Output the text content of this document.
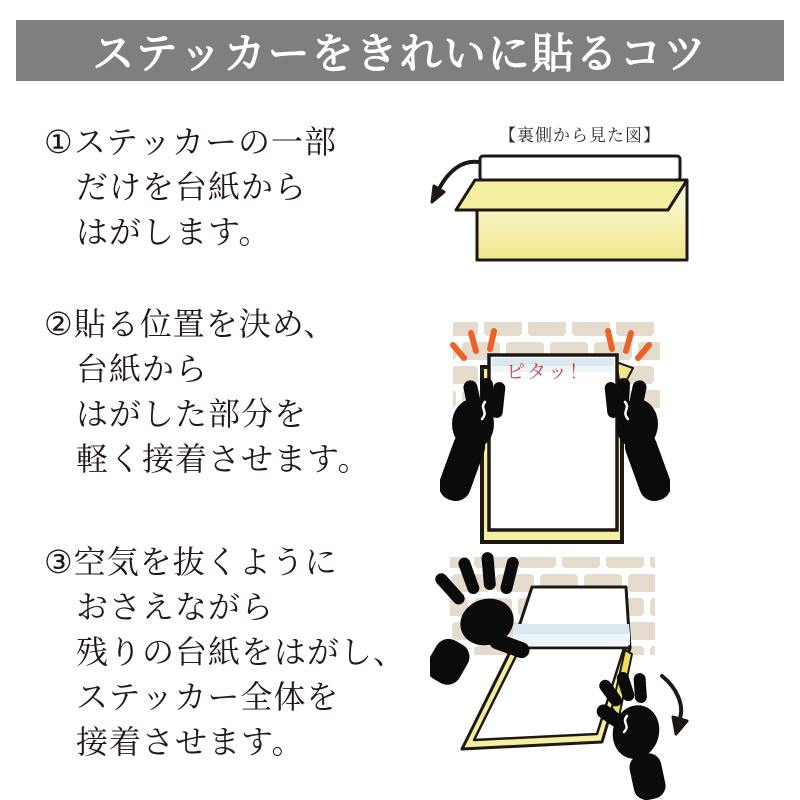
ステッカーをきれいに貼るコツ
①ステッカーの一部
だけを台紙から
はがします。
②貼る位置を決め、
台紙から
はがした部分を
軽く接着させます。
③空気を抜くように
おさえながら
残りの台紙をはがし、
ステッカー全体を
接着させます。
【裏側から見た図】
ピタッ！
